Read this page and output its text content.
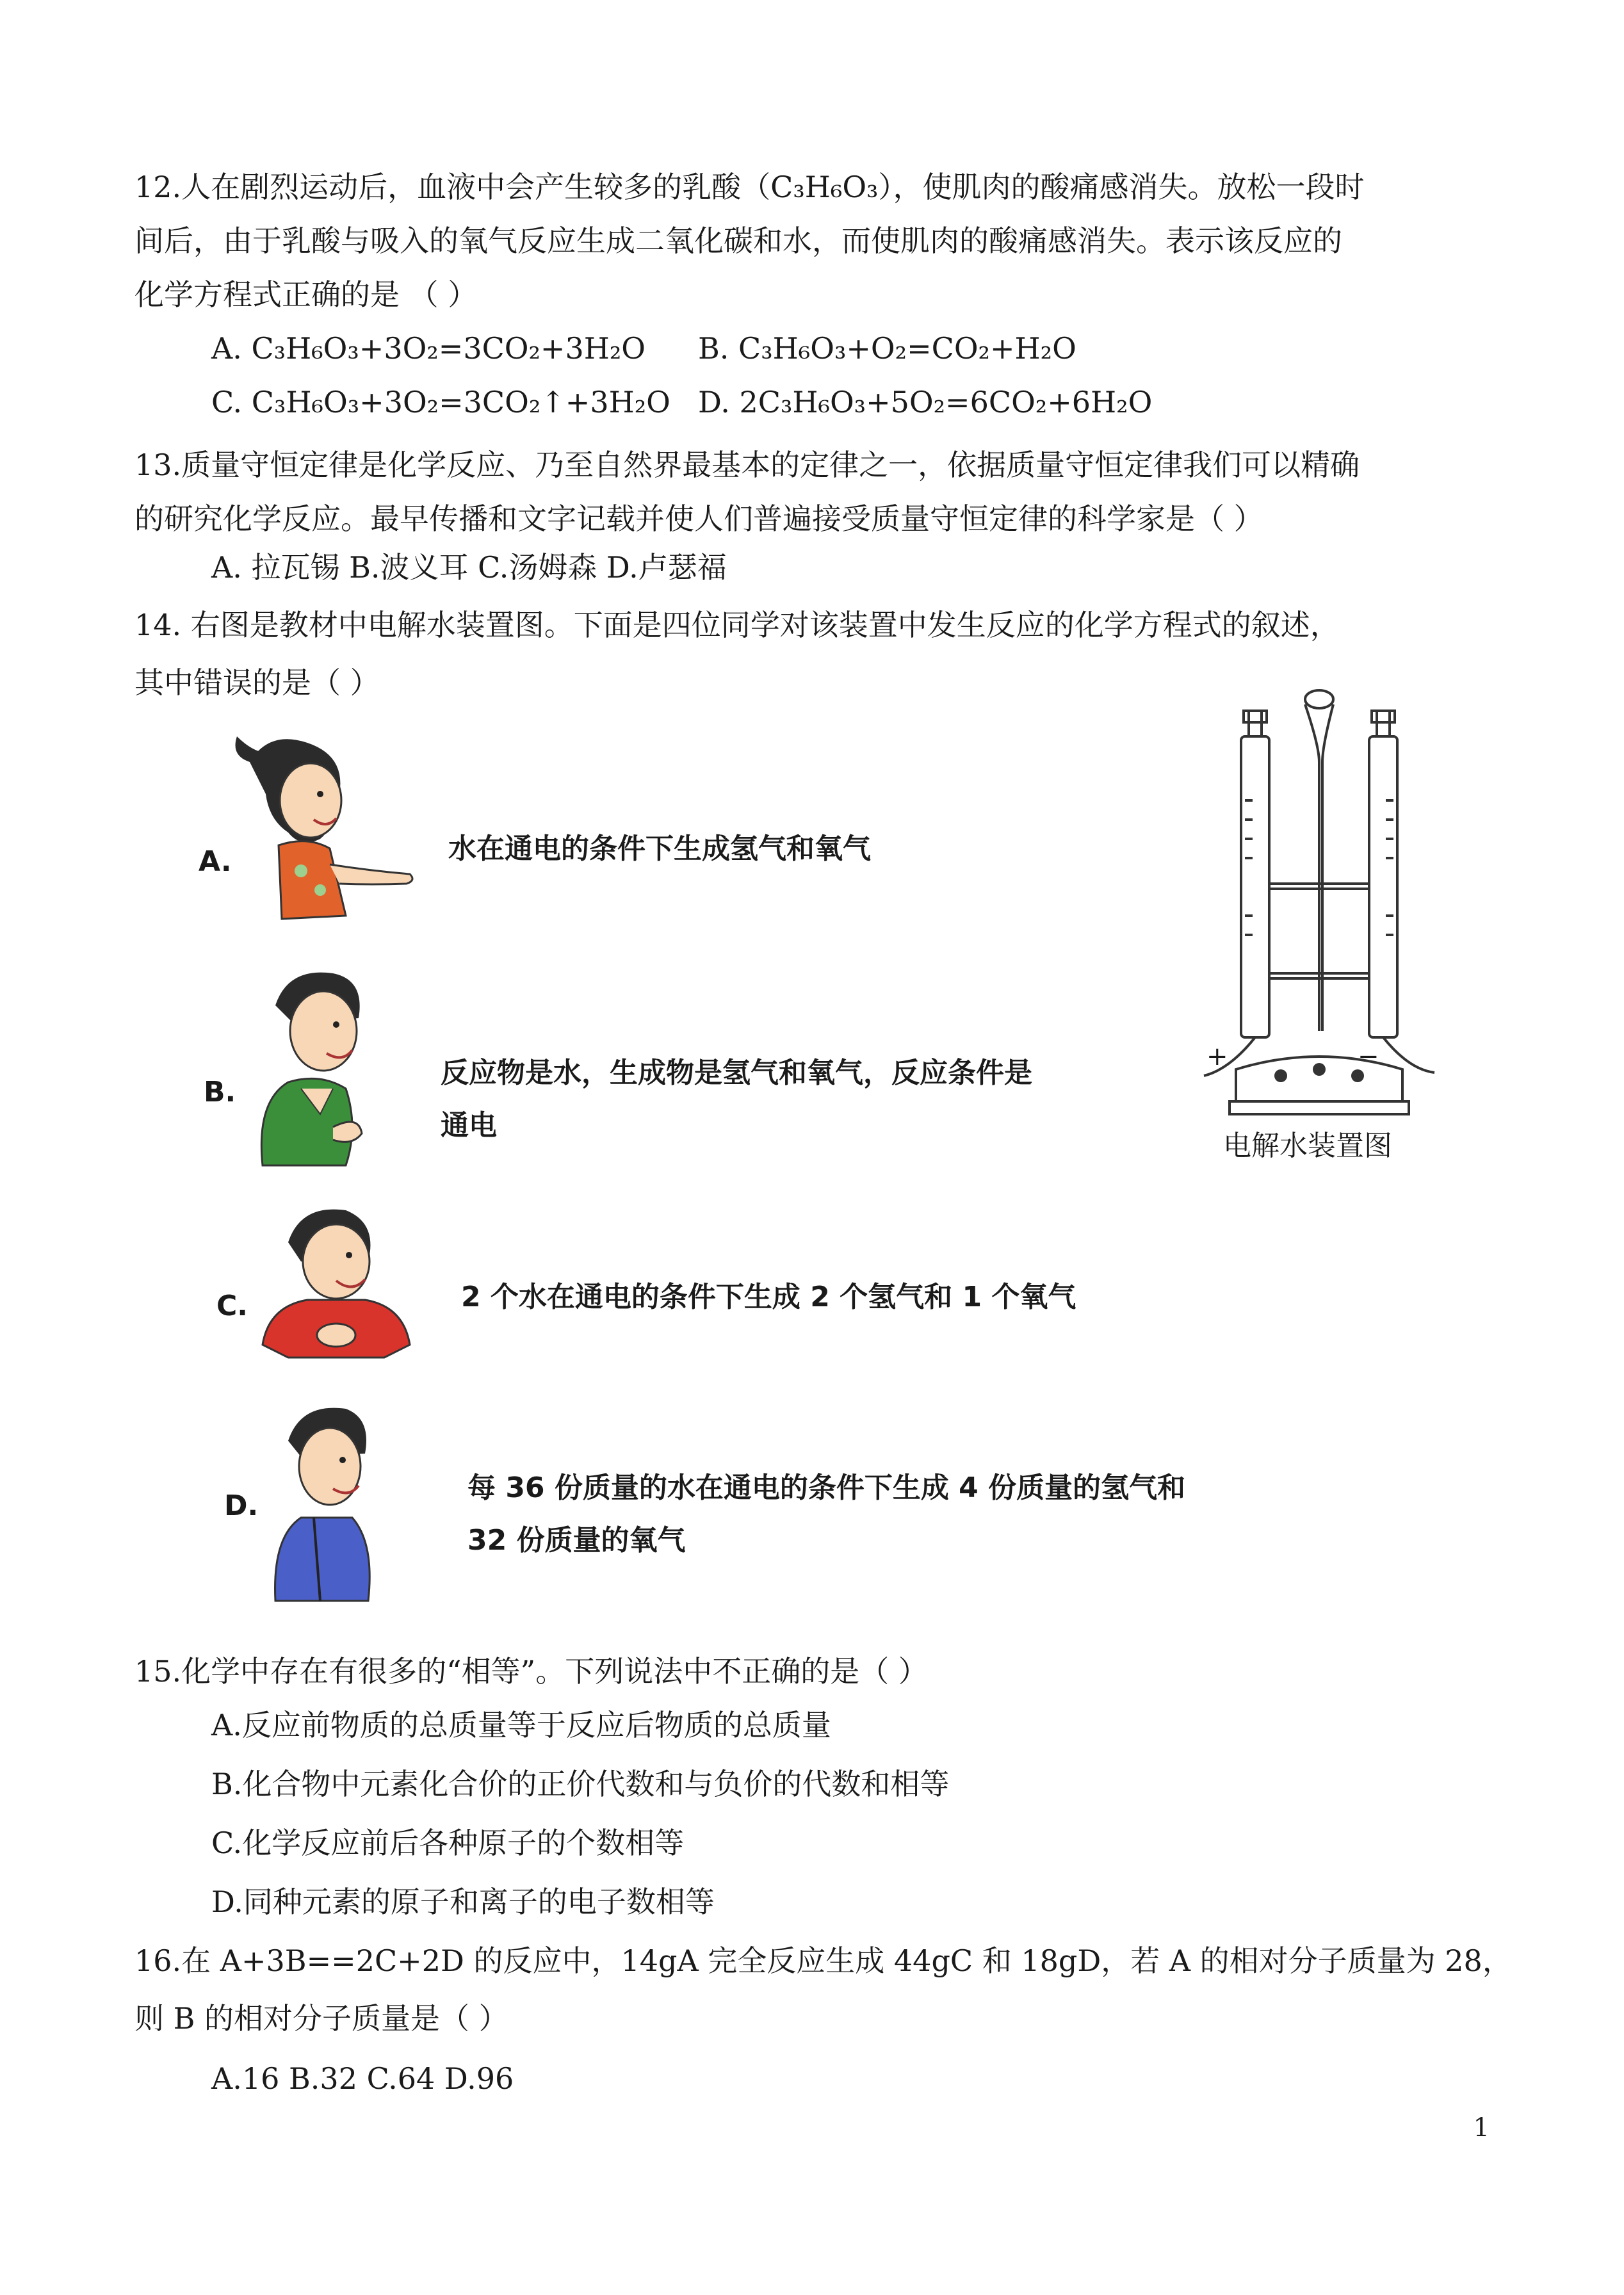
12.人在剧烈运动后，血液中会产生较多的乳酸（C₃H₆O₃），使肌肉的酸痛感消失。放松一段时
间后，由于乳酸与吸入的氧气反应生成二氧化碳和水，而使肌肉的酸痛感消失。表示该反应的
化学方程式正确的是 （ ）
A. C₃H₆O₃+3O₂=3CO₂+3H₂O B. C₃H₆O₃+O₂=CO₂+H₂O
C. C₃H₆O₃+3O₂=3CO₂↑+3H₂O D. 2C₃H₆O₃+5O₂=6CO₂+6H₂O
13.质量守恒定律是化学反应、乃至自然界最基本的定律之一，依据质量守恒定律我们可以精确
的研究化学反应。最早传播和文字记载并使人们普遍接受质量守恒定律的科学家是（ ）
A. 拉瓦锡 B.波义耳 C.汤姆森 D.卢瑟福
14. 右图是教材中电解水装置图。下面是四位同学对该装置中发生反应的化学方程式的叙述，
其中错误的是（ ）
A.	水在通电的条件下生成氢气和氧气
B.
反应物是水，生成物是氢气和氧气，反应条件是
通电
C.	2 个水在通电的条件下生成 2 个氢气和 1 个氧气
D.
每 36 份质量的水在通电的条件下生成 4 份质量的氢气和
32 份质量的氧气
+	−
电解水装置图
15.化学中存在有很多的“相等”。下列说法中不正确的是（ ）
A.反应前物质的总质量等于反应后物质的总质量
B.化合物中元素化合价的正价代数和与负价的代数和相等
C.化学反应前后各种原子的个数相等
D.同种元素的原子和离子的电子数相等
16.在 A+3B==2C+2D 的反应中，14gA 完全反应生成 44gC 和 18gD，若 A 的相对分子质量为 28，
则 B 的相对分子质量是（ ）
A.16 B.32 C.64 D.96
1
